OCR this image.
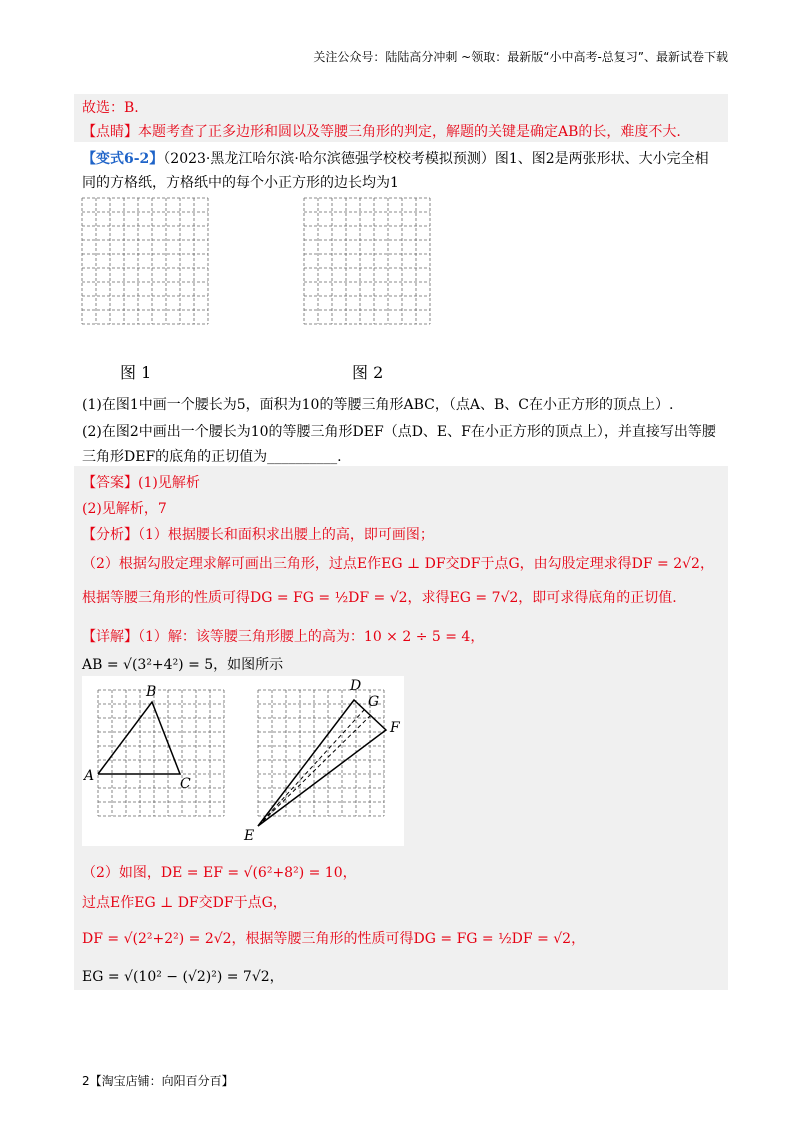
关注公众号：陆陆高分冲刺 ~领取：最新版“小中高考-总复习”、最新试卷下载
故选：B.
【点睛】本题考查了正多边形和圆以及等腰三角形的判定，解题的关键是确定AB的长，难度不大.
【变式6-2】（2023·黑龙江哈尔滨·哈尔滨德强学校校考模拟预测）图1、图2是两张形状、大小完全相
同的方格纸，方格纸中的每个小正方形的边长均为1
图 1	图 2
(1)在图1中画一个腰长为5，面积为10的等腰三角形ABC，（点A、B、C在小正方形的顶点上）.
(2)在图2中画出一个腰长为10的等腰三角形DEF（点D、E、F在小正方形的顶点上），并直接写出等腰
三角形DEF的底角的正切值为__________.
【答案】(1)见解析
(2)见解析，7
【分析】（1）根据腰长和面积求出腰上的高，即可画图；
（2）根据勾股定理求解可画出三角形，过点E作EG ⊥ DF交DF于点G，由勾股定理求得DF = 2√2，
根据等腰三角形的性质可得DG = FG = ½DF = √2，求得EG = 7√2，即可求得底角的正切值.
【详解】（1）解：该等腰三角形腰上的高为：10 × 2 ÷ 5 = 4，
AB = √(3²+4²) = 5，如图所示
A
B
C
D
E
F
G
（2）如图，DE = EF = √(6²+8²) = 10，
过点E作EG ⊥ DF交DF于点G，
DF = √(2²+2²) = 2√2，根据等腰三角形的性质可得DG = FG = ½DF = √2，
EG = √(10² − (√2)²) = 7√2，
2【淘宝店铺：向阳百分百】
